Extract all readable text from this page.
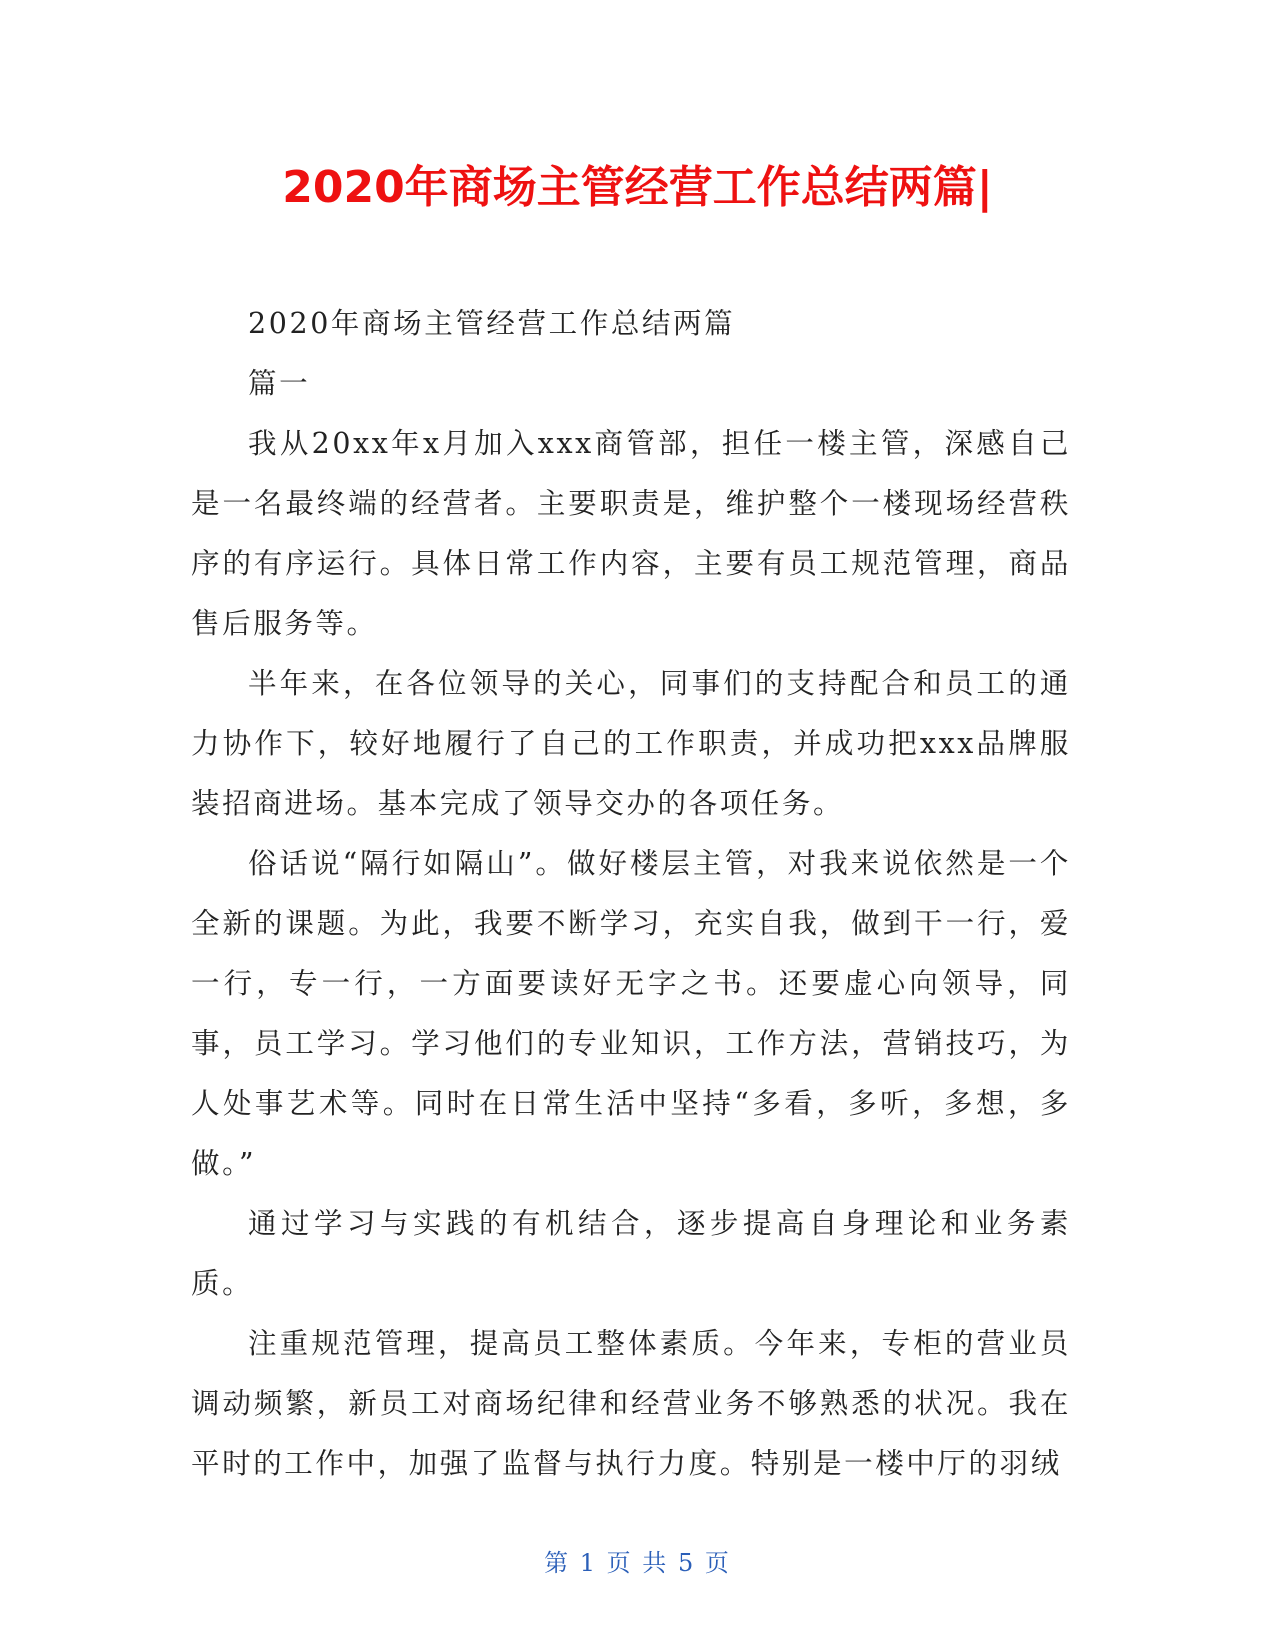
2020年商场主管经营工作总结两篇|

2020年商场主管经营工作总结两篇

篇一

我从20xx年x月加入xxx商管部，担任一楼主管，深感自己是一名最终端的经营者。主要职责是，维护整个一楼现场经营秩序的有序运行。具体日常工作内容，主要有员工规范管理，商品售后服务等。

半年来，在各位领导的关心，同事们的支持配合和员工的通力协作下，较好地履行了自己的工作职责，并成功把xxx品牌服装招商进场。基本完成了领导交办的各项任务。

俗话说“隔行如隔山”。做好楼层主管，对我来说依然是一个全新的课题。为此，我要不断学习，充实自我，做到干一行，爱一行，专一行，一方面要读好无字之书。还要虚心向领导，同事，员工学习。学习他们的专业知识，工作方法，营销技巧，为人处事艺术等。同时在日常生活中坚持“多看，多听，多想，多做。”

通过学习与实践的有机结合，逐步提高自身理论和业务素质。

注重规范管理，提高员工整体素质。今年来，专柜的营业员调动频繁，新员工对商场纪律和经营业务不够熟悉的状况。我在平时的工作中，加强了监督与执行力度。特别是一楼中厅的羽绒

第 1 页 共 5 页
